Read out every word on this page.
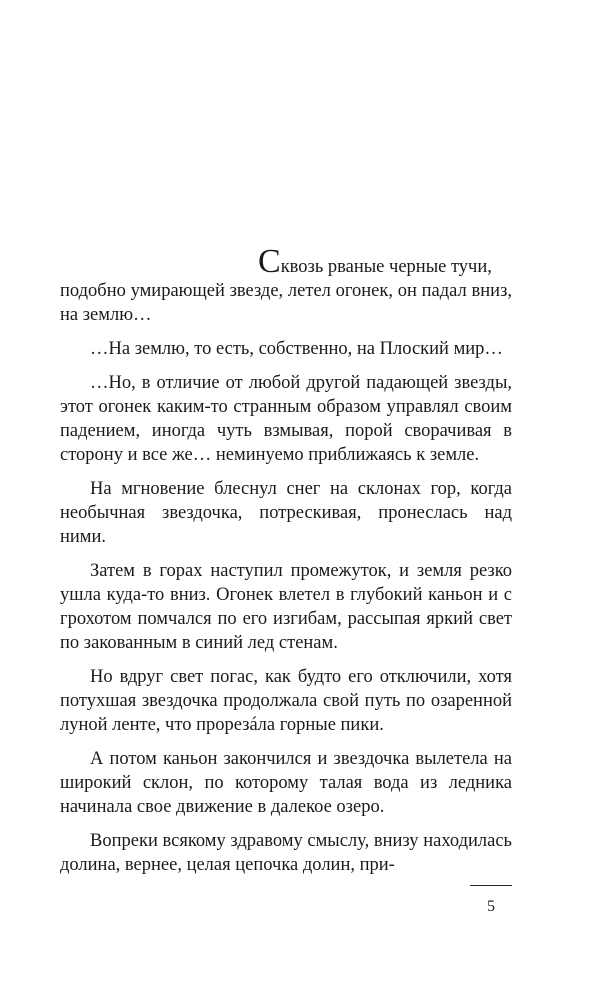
Сквозь рваные черные тучи,
подобно умирающей звезде, летел огонек, он падал вниз, на землю…

…На землю, то есть, собственно, на Плоский мир…

…Но, в отличие от любой другой падающей звезды, этот огонек каким-то странным образом управлял своим падением, иногда чуть взмывая, порой сворачивая в сторону и все же… неминуемо приближаясь к земле.

На мгновение блеснул снег на склонах гор, когда необычная звездочка, потрескивая, пронеслась над ними.

Затем в горах наступил промежуток, и земля резко ушла куда-то вниз. Огонек влетел в глубокий каньон и с грохотом помчался по его изгибам, рассыпая яркий свет по закованным в синий лед стенам.

Но вдруг свет погас, как будто его отключили, хотя потухшая звездочка продолжала свой путь по озаренной луной ленте, что прорезáла горные пики.

А потом каньон закончился и звездочка вылетела на широкий склон, по которому талая вода из ледника начинала свое движение в далекое озеро.

Вопреки всякому здравому смыслу, внизу находилась долина, вернее, целая цепочка долин, при-

5
